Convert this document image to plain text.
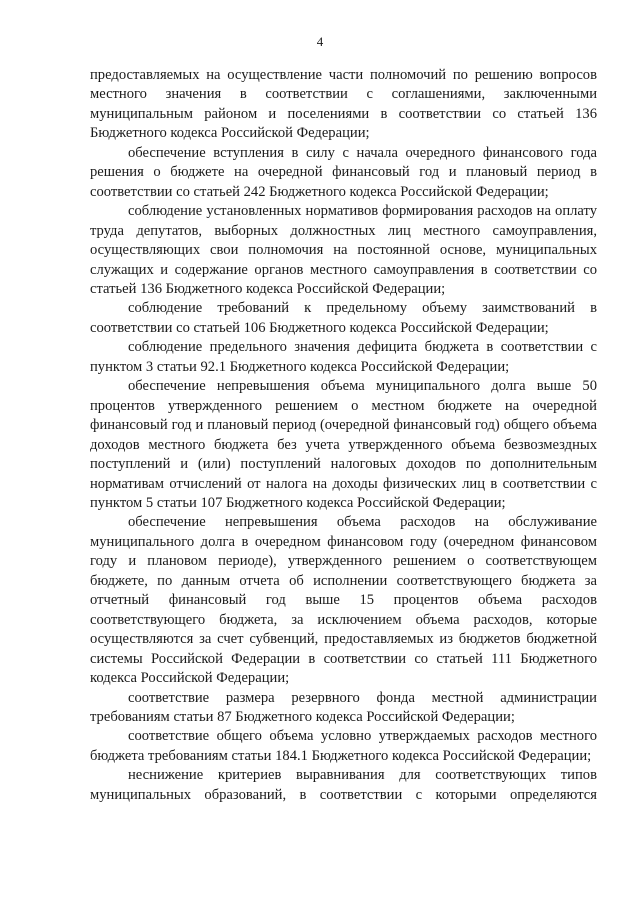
4

предоставляемых на осуществление части полномочий по решению вопросов местного значения в соответствии с соглашениями, заключенными муниципальным районом и поселениями в соответствии со статьей 136 Бюджетного кодекса Российской Федерации;

обеспечение вступления в силу с начала очередного финансового года решения о бюджете на очередной финансовый год и плановый период в соответствии со статьей 242 Бюджетного кодекса Российской Федерации;

соблюдение установленных нормативов формирования расходов на оплату труда депутатов, выборных должностных лиц местного самоуправления, осуществляющих свои полномочия на постоянной основе, муниципальных служащих и содержание органов местного самоуправления в соответствии со статьей 136 Бюджетного кодекса Российской Федерации;

соблюдение требований к предельному объему заимствований в соответствии со статьей 106 Бюджетного кодекса Российской Федерации;

соблюдение предельного значения дефицита бюджета в соответствии с пунктом 3 статьи 92.1 Бюджетного кодекса Российской Федерации;

обеспечение непревышения объема муниципального долга выше 50 процентов утвержденного решением о местном бюджете на очередной финансовый год и плановый период (очередной финансовый год) общего объема доходов местного бюджета без учета утвержденного объема безвозмездных поступлений и (или) поступлений налоговых доходов по дополнительным нормативам отчислений от налога на доходы физических лиц в соответствии с пунктом 5 статьи 107 Бюджетного кодекса Российской Федерации;

обеспечение непревышения объема расходов на обслуживание муниципального долга в очередном финансовом году (очередном финансовом году и плановом периоде), утвержденного решением о соответствующем бюджете, по данным отчета об исполнении соответствующего бюджета за отчетный финансовый год выше 15 процентов объема расходов соответствующего бюджета, за исключением объема расходов, которые осуществляются за счет субвенций, предоставляемых из бюджетов бюджетной системы Российской Федерации в соответствии со статьей 111 Бюджетного кодекса Российской Федерации;

соответствие размера резервного фонда местной администрации требованиям статьи 87 Бюджетного кодекса Российской Федерации;

соответствие общего объема условно утверждаемых расходов местного бюджета требованиям статьи 184.1 Бюджетного кодекса Российской Федерации;

неснижение критериев выравнивания для соответствующих типов муниципальных образований, в соответствии с которыми определяются
